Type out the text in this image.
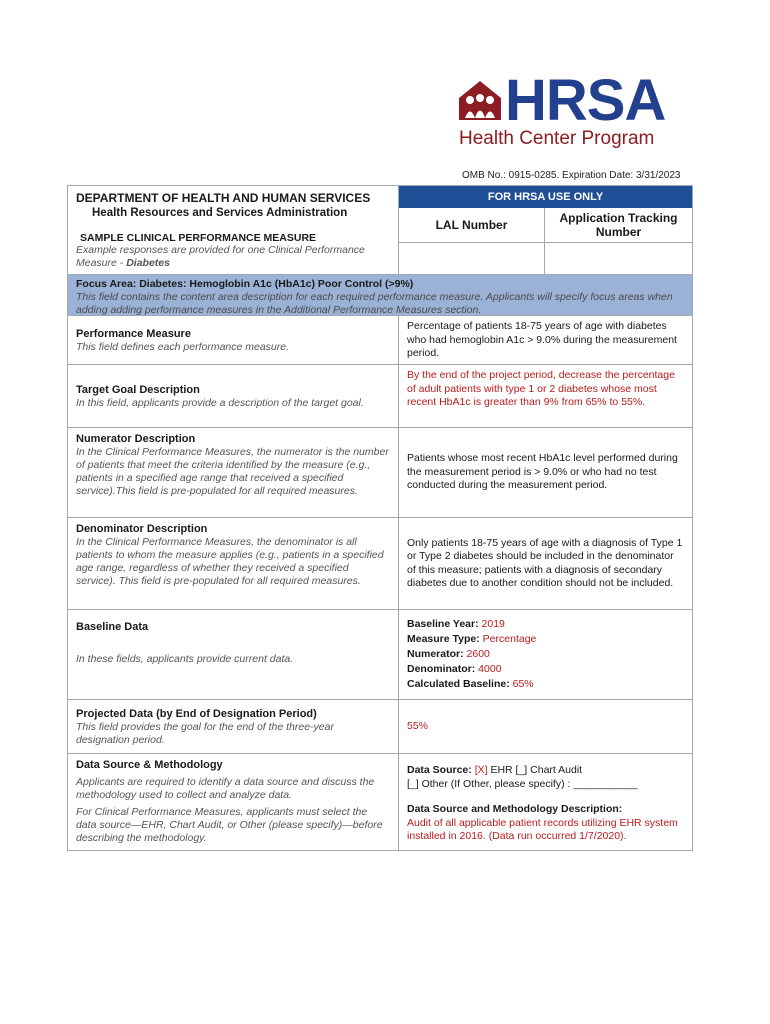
HRSA
Health Center Program
OMB No.: 0915-0285. Expiration Date: 3/31/2023
DEPARTMENT OF HEALTH AND HUMAN SERVICES
Health Resources and Services Administration
SAMPLE CLINICAL PERFORMANCE MEASURE
Example responses are provided for one Clinical Performance Measure - Diabetes
FOR HRSA USE ONLY
LAL Number	Application Tracking Number
Focus Area: Diabetes: Hemoglobin A1c (HbA1c) Poor Control (>9%)
This field contains the content area description for each required performance measure. Applicants will specify focus areas when adding adding performance measures in the Additional Performance Measures section.
Performance Measure
This field defines each performance measure.
Percentage of patients 18-75 years of age with diabetes who had hemoglobin A1c > 9.0% during the measurement period.
Target Goal Description
In this field, applicants provide a description of the target goal.
By the end of the project period, decrease the percentage of adult patients with type 1 or 2 diabetes whose most recent HbA1c is greater than 9% from 65% to 55%.
Numerator Description
In the Clinical Performance Measures, the numerator is the number of patients that meet the criteria identified by the measure (e.g., patients in a specified age range that received a specified service).This field is pre-populated for all required measures.
Patients whose most recent HbA1c level performed during the measurement period is > 9.0% or who had no test conducted during the measurement period.
Denominator Description
In the Clinical Performance Measures, the denominator is all patients to whom the measure applies (e.g., patients in a specified age range, regardless of whether they received a specified service). This field is pre-populated for all required measures.
Only patients 18-75 years of age with a diagnosis of Type 1 or Type 2 diabetes should be included in the denominator of this measure; patients with a diagnosis of secondary diabetes due to another condition should not be included.
Baseline Data
In these fields, applicants provide current data.
Baseline Year: 2019
Measure Type: Percentage
Numerator: 2600
Denominator: 4000
Calculated Baseline: 65%
Projected Data (by End of Designation Period)
This field provides the goal for the end of the three-year designation period.
55%
Data Source & Methodology
Applicants are required to identify a data source and discuss the methodology used to collect and analyze data.
For Clinical Performance Measures, applicants must select the data source—EHR, Chart Audit, or Other (please specify)—before describing the methodology.
Data Source: [X] EHR [_] Chart Audit
[_] Other (If Other, please specify) : ___________
Data Source and Methodology Description:
Audit of all applicable patient records utilizing EHR system installed in 2016. (Data run occurred 1/7/2020).
